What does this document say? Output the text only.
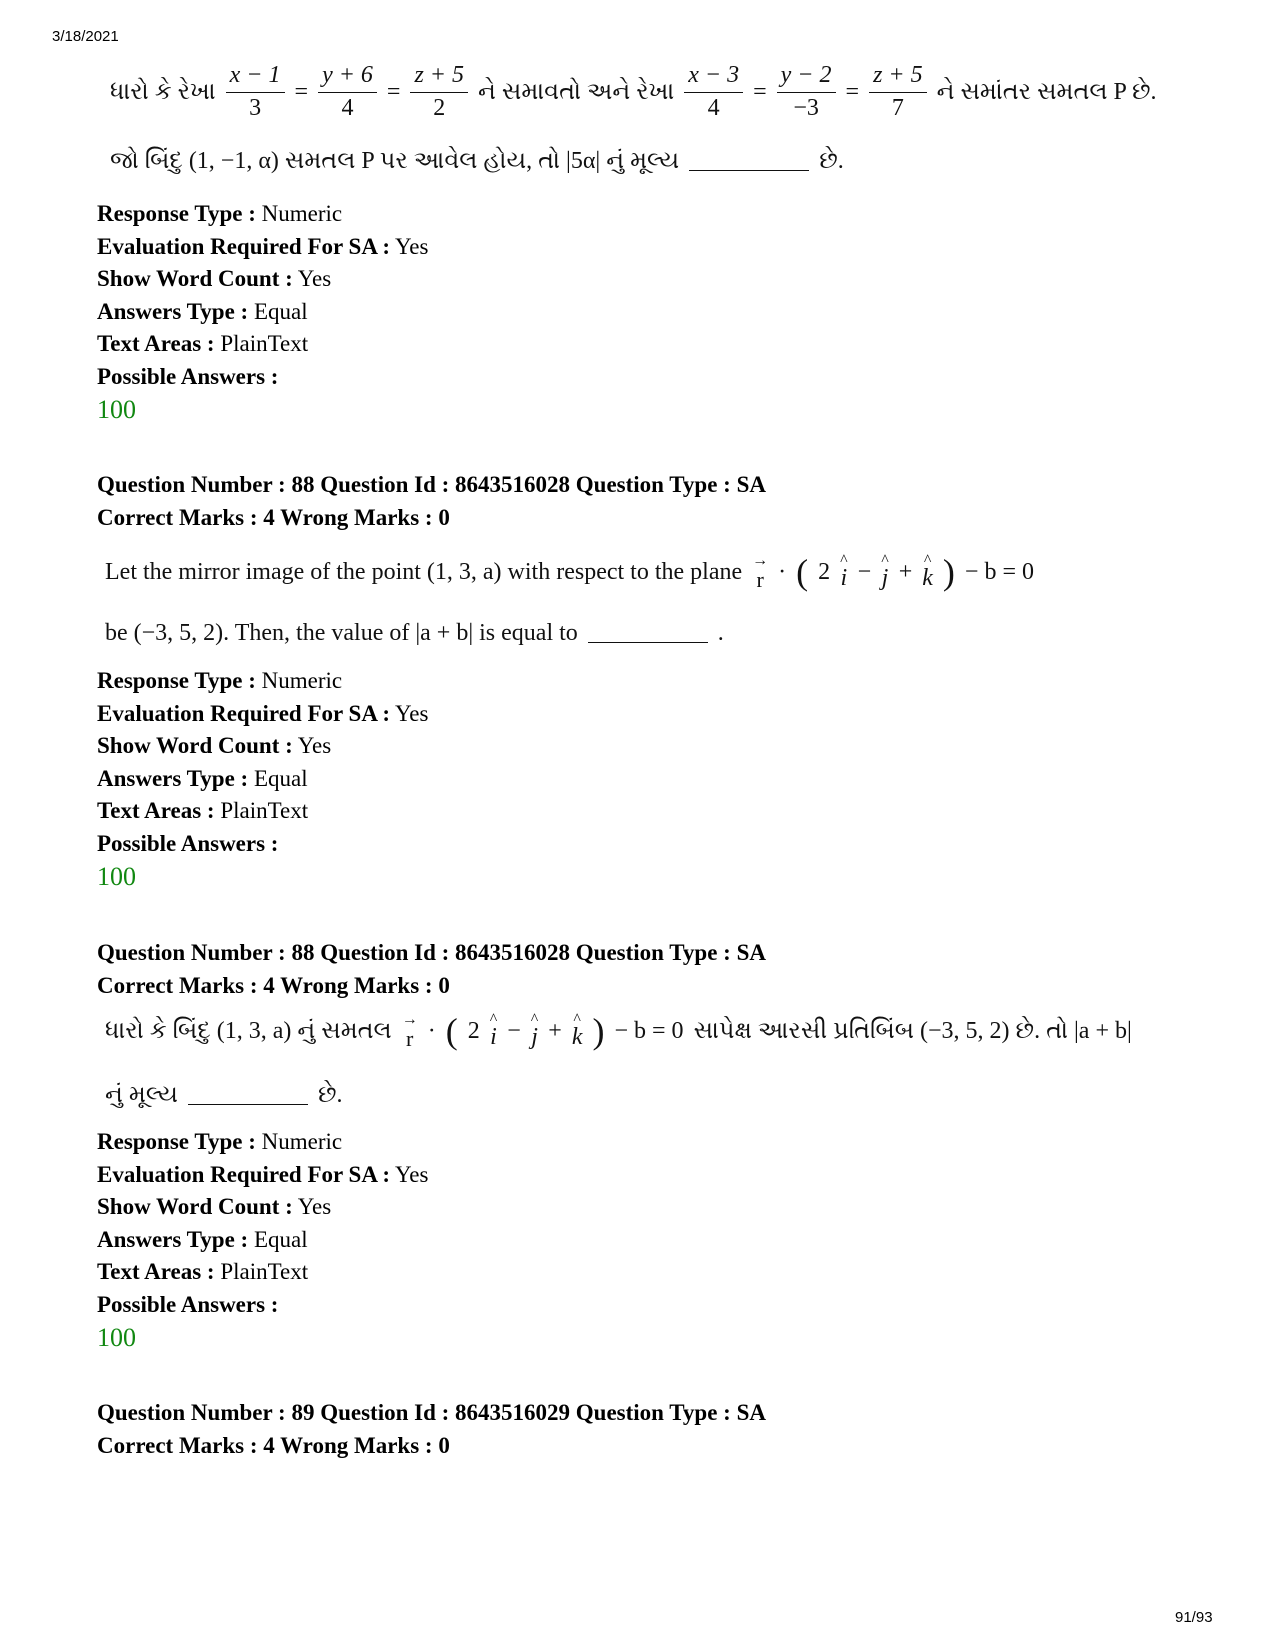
3/18/2021
ધારો કે રેખા $\frac{x - 1}{3} = \frac{y + 6}{4} = \frac{z + 5}{2}$ ને સમાવતો અને રેખા $\frac{x - 3}{4} = \frac{y - 2}{-3} = \frac{z + 5}{7}$ ને સમાંતર સમતલ P છે.
જો બિંદુ (1, −1, α) સમતલ P પર આવેલ હોય, તો |5α| નું મૂલ્ય	છે.
Response Type : Numeric
Evaluation Required For SA : Yes
Show Word Count : Yes
Answers Type : Equal
Text Areas : PlainText
Possible Answers :
100
Question Number : 88 Question Id : 8643516028 Question Type : SA
Correct Marks : 4 Wrong Marks : 0
Let the mirror image of the point (1, 3, a) with respect to the plane →
r · ( 2 ^
i − ^
j + ^
k ) − b = 0
be (−3, 5, 2). Then, the value of |a + b| is equal to	.
Response Type : Numeric
Evaluation Required For SA : Yes
Show Word Count : Yes
Answers Type : Equal
Text Areas : PlainText
Possible Answers :
100
Question Number : 88 Question Id : 8643516028 Question Type : SA
Correct Marks : 4 Wrong Marks : 0
ધારો કે બિંદુ (1, 3, a) નું સમતલ →
r · ( 2 ^
i − ^
j + ^
k ) − b = 0 સાપેક્ષ આરસી પ્રતિબિંબ (−3, 5, 2) છે. તો |a + b|
નું મૂલ્ય	છે.
Response Type : Numeric
Evaluation Required For SA : Yes
Show Word Count : Yes
Answers Type : Equal
Text Areas : PlainText
Possible Answers :
100
Question Number : 89 Question Id : 8643516029 Question Type : SA
Correct Marks : 4 Wrong Marks : 0
91/93
